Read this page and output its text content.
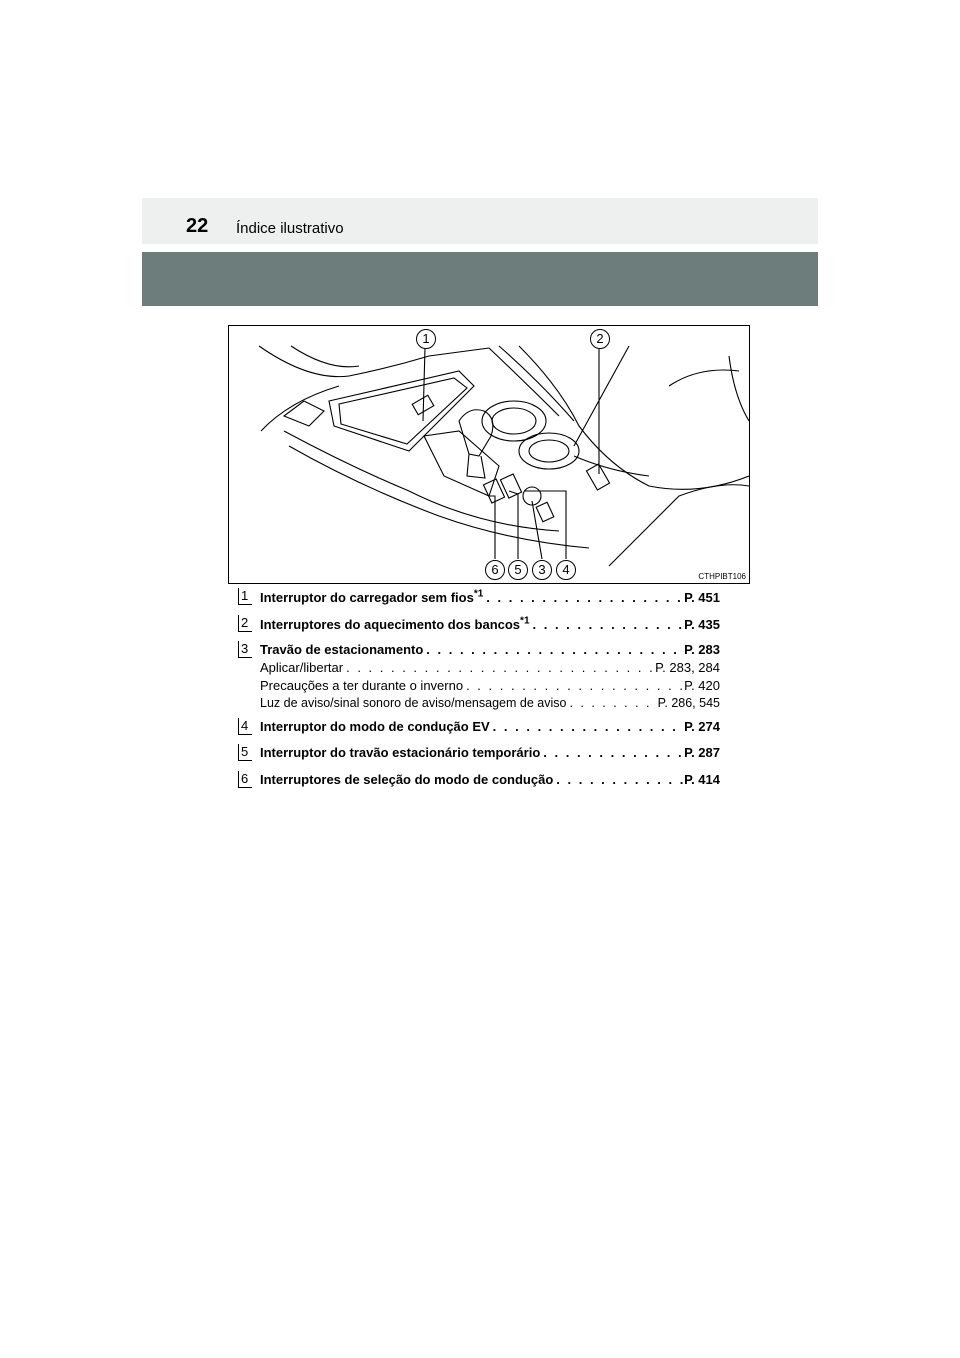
22 Índice ilustrativo
1	2
6	5	3	4	CTHPIBT106
1 Interruptor do carregador sem fios$^{*1}$ . . .	P. 451
2 Interruptores do aquecimento dos bancos$^{*1}$ . . .	P. 435
3 Travão de estacionamento . . .	P. 283
Aplicar/libertar . . .	P. 283, 284
Precauções a ter durante o inverno . . .	P. 420
Luz de aviso/sinal sonoro de aviso/mensagem de aviso . . .	P. 286, 545
4 Interruptor do modo de condução EV . . .	P. 274
5 Interruptor do travão estacionário temporário . . .	P. 287
6 Interruptores de seleção do modo de condução . . .	P. 414
